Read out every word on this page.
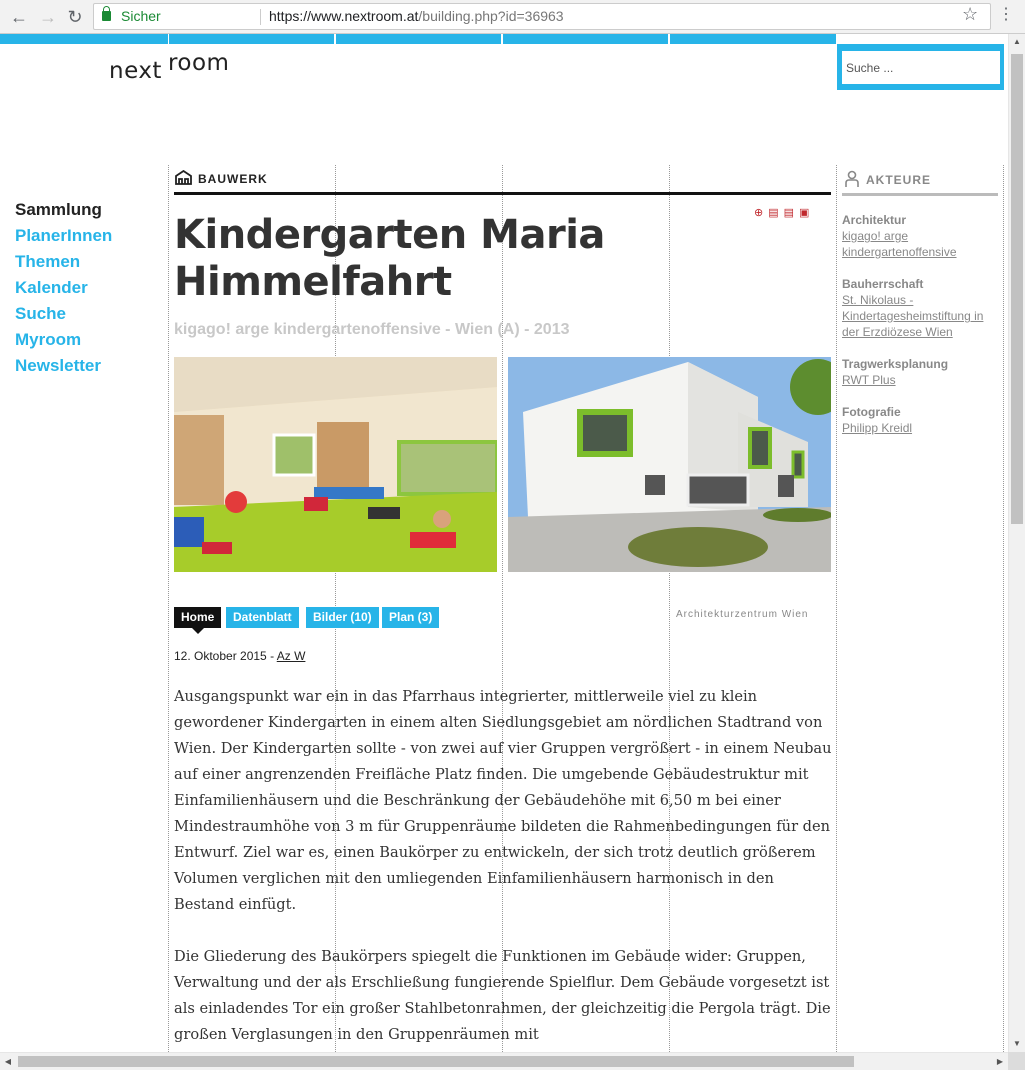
← → ↻	Sicher	https://www.nextroom.at/building.php?id=36963	☆ ⋮
next room
Suche ...
Sammlung
PlanerInnen
Themen
Kalender
Suche
Myroom
Newsletter
BAUWERK
⊕▤▤▣
Kindergarten Maria Himmelfahrt
kigago! arge kindergartenoffensive - Wien (A) - 2013
Home	Datenblatt	Bilder (10)	Plan (3)	Architekturzentrum Wien
12. Oktober 2015 - Az W

Ausgangspunkt war ein in das Pfarrhaus integrierter, mittlerweile viel zu klein gewordener Kindergarten in einem alten Siedlungsgebiet am nördlichen Stadtrand von Wien. Der Kindergarten sollte - von zwei auf vier Gruppen vergrößert - in einem Neubau auf einer angrenzenden Freifläche Platz finden. Die umgebende Gebäudestruktur mit Einfamilienhäusern und die Beschränkung der Gebäudehöhe mit 6,50 m bei einer Mindestraumhöhe von 3 m für Gruppenräume bildeten die Rahmenbedingungen für den Entwurf. Ziel war es, einen Baukörper zu entwickeln, der sich trotz deutlich größerem Volumen verglichen mit den umliegenden Einfamilienhäusern harmonisch in den Bestand einfügt.

Die Gliederung des Baukörpers spiegelt die Funktionen im Gebäude wider: Gruppen, Verwaltung und der als Erschließung fungierende Spielflur. Dem Gebäude vorgesetzt ist als einladendes Tor ein großer Stahlbetonrahmen, der gleichzeitig die Pergola trägt. Die großen Verglasungen in den Gruppenräumen mit

AKTEURE
Architektur
kigago! arge kindergartenoffensive
Bauherrschaft
St. Nikolaus - Kindertagesheimstiftung in der Erzdiözese Wien
Tragwerksplanung
RWT Plus
Fotografie
Philipp Kreidl
▲
▼
◀	▶
